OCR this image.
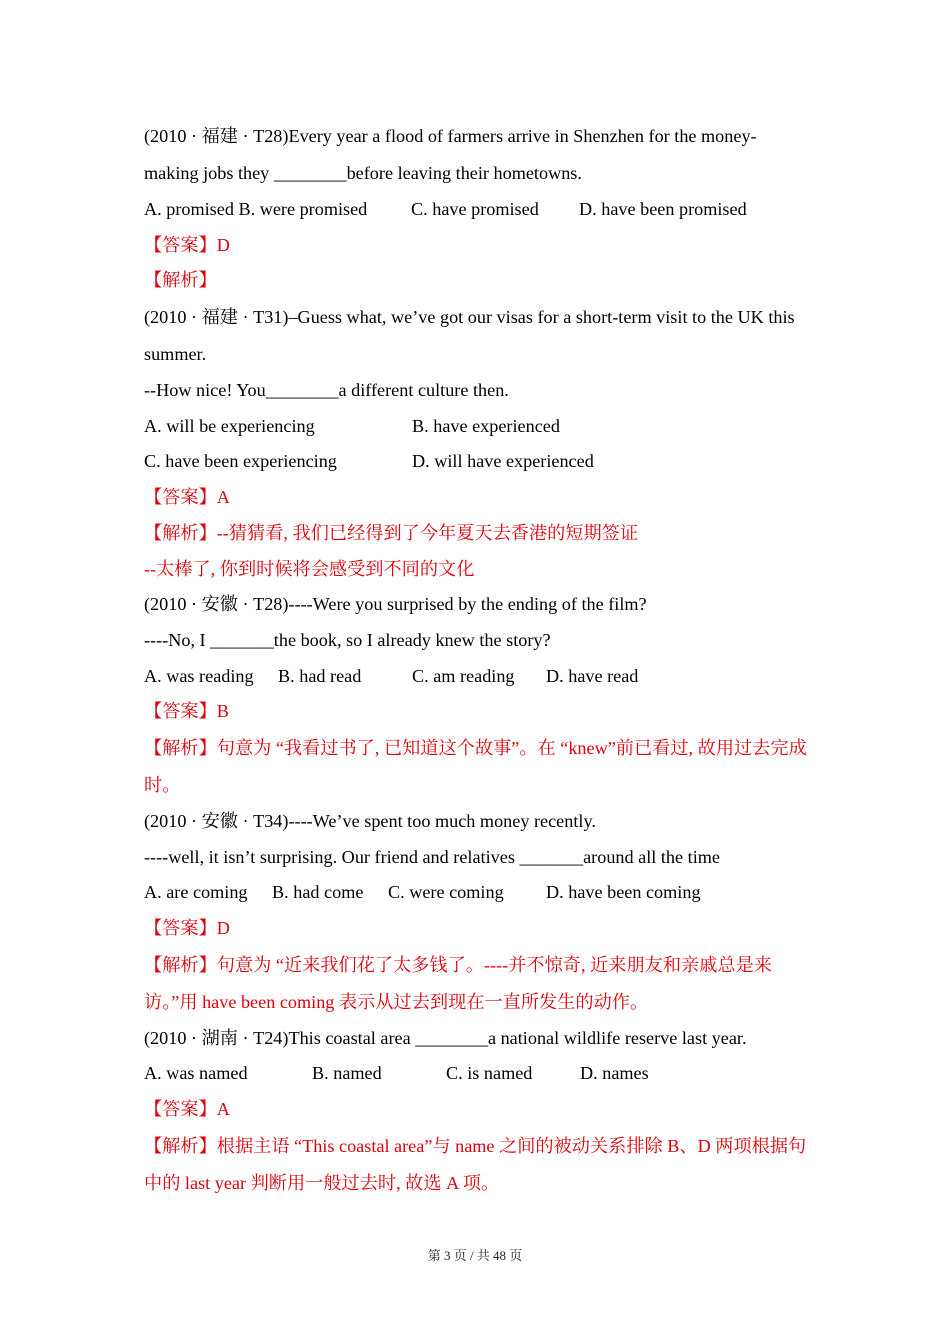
(2010 · 福建 · T28)Every year a flood of farmers arrive in Shenzhen for the money-making jobs they ________before leaving their hometowns.
A. promised B. were promised C. have promised D. have been promised
【答案】D
【解析】
(2010 · 福建 · T31)–Guess what, we’ve got our visas for a short-term visit to the UK this summer.
--How nice! You________a different culture then.
A. will be experiencing	B. have experienced
C. have been experiencing	D. will have experienced
【答案】A
【解析】--猜猜看, 我们已经得到了今年夏天去香港的短期签证
--太棒了, 你到时候将会感受到不同的文化
(2010 · 安徽 · T28)----Were you surprised by the ending of the film?
----No, I _______the book, so I already knew the story?
A. was reading B. had read	C. am reading D. have read
【答案】B
【解析】句意为 “我看过书了, 已知道这个故事”。在 “knew”前已看过, 故用过去完成时。
(2010 · 安徽 · T34)----We’ve spent too much money recently.
----well, it isn’t surprising. Our friend and relatives _______around all the time
A. are coming B. had come C. were coming D. have been coming
【答案】D
【解析】句意为 “近来我们花了太多钱了。----并不惊奇, 近来朋友和亲戚总是来访。”用 have been coming 表示从过去到现在一直所发生的动作。
(2010 · 湖南 · T24)This coastal area ________a national wildlife reserve last year.
A. was named	B. named	C. is named	D. names
【答案】A
【解析】根据主语 “This coastal area”与 name 之间的被动关系排除 B、D 两项根据句中的 last year 判断用一般过去时, 故选 A 项。
第 3 页 / 共 48 页
